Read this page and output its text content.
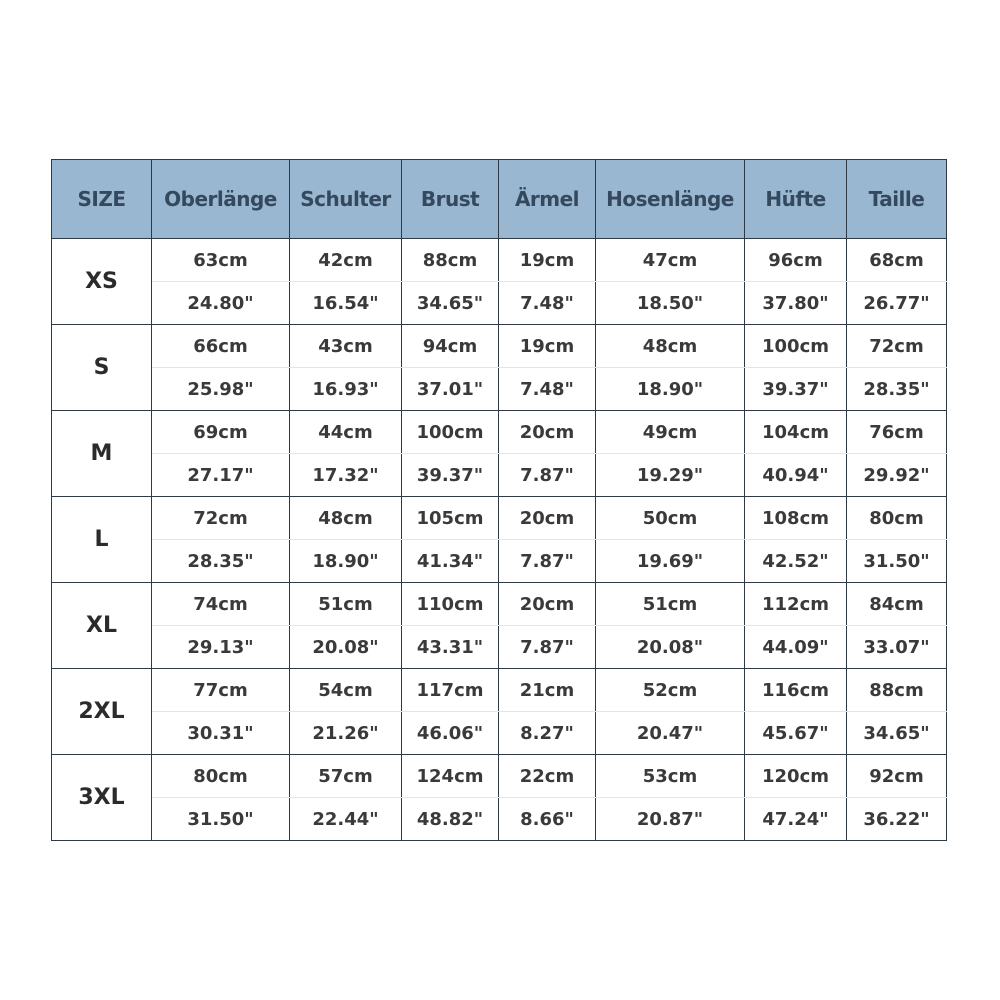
SIZE	Oberlänge	Schulter	Brust	Ärmel	Hosenlänge	Hüfte	Taille
XS	63cm	42cm	88cm	19cm	47cm	96cm	68cm
	24.80"	16.54"	34.65"	7.48"	18.50"	37.80"	26.77"
S	66cm	43cm	94cm	19cm	48cm	100cm	72cm
	25.98"	16.93"	37.01"	7.48"	18.90"	39.37"	28.35"
M	69cm	44cm	100cm	20cm	49cm	104cm	76cm
	27.17"	17.32"	39.37"	7.87"	19.29"	40.94"	29.92"
L	72cm	48cm	105cm	20cm	50cm	108cm	80cm
	28.35"	18.90"	41.34"	7.87"	19.69"	42.52"	31.50"
XL	74cm	51cm	110cm	20cm	51cm	112cm	84cm
	29.13"	20.08"	43.31"	7.87"	20.08"	44.09"	33.07"
2XL	77cm	54cm	117cm	21cm	52cm	116cm	88cm
	30.31"	21.26"	46.06"	8.27"	20.47"	45.67"	34.65"
3XL	80cm	57cm	124cm	22cm	53cm	120cm	92cm
	31.50"	22.44"	48.82"	8.66"	20.87"	47.24"	36.22"
